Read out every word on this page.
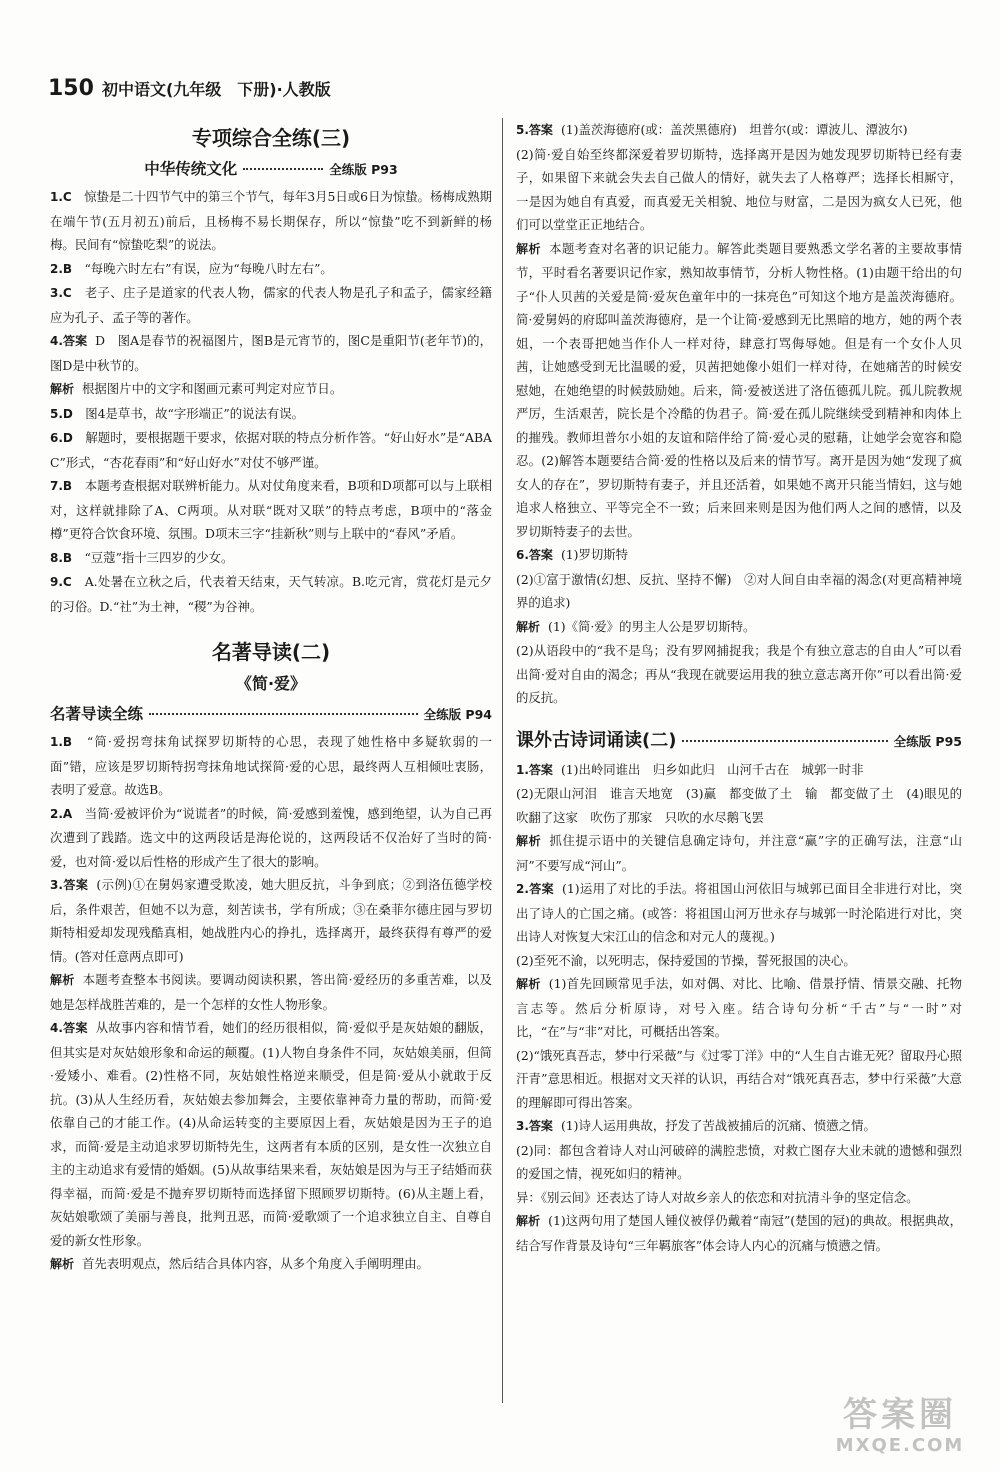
150 初中语文(九年级　下册)·人教版
专项综合全练(三)
中华传统文化	全练版 P93
1.C　 惊蛰是二十四节气中的第三个节气，每年3月5日或6日为惊蛰。杨梅成熟期在端午节(五月初五)前后，且杨梅不易长期保存，所以“惊蛰”吃不到新鲜的杨梅。民间有“惊蛰吃梨”的说法。
2.B　 “每晚六时左右”有误，应为“每晚八时左右”。
3.C　 老子、庄子是道家的代表人物，儒家的代表人物是孔子和孟子，儒家经籍应为孔子、孟子等的著作。
4.答案 D　图A是春节的祝福图片，图B是元宵节的，图C是重阳节(老年节)的，图D是中秋节的。
解析 根据图片中的文字和图画元素可判定对应节日。
5.D　 图4是草书，故“字形端正”的说法有误。
6.D　 解题时，要根据题干要求，依据对联的特点分析作答。“好山好水”是“ABAC”形式，“杏花春雨”和“好山好水”对仗不够严谨。
7.B　 本题考查根据对联辨析能力。从对仗角度来看，B项和D项都可以与上联相对，这样就排除了A、C两项。从对联“既对又联”的特点考虑，B项中的“落金樽”更符合饮食环境、氛围。D项末三字“挂新秋”则与上联中的“春风”矛盾。
8.B　 “豆蔻”指十三四岁的少女。
9.C　 A.处暑在立秋之后，代表着天结束，天气转凉。B.吃元宵，赏花灯是元夕的习俗。D.“社”为土神，“稷”为谷神。
名著导读(二)
《简·爱》
名著导读全练	全练版 P94
1.B　 “简·爱拐弯抹角试探罗切斯特的心思，表现了她性格中多疑软弱的一面”错，应该是罗切斯特拐弯抹角地试探简·爱的心思，最终两人互相倾吐衷肠，表明了爱意。故选B。
2.A　 当简·爱被评价为“说谎者”的时候，简·爱感到羞愧，感到绝望，认为自己再次遭到了践踏。选文中的这两段话是海伦说的，这两段话不仅治好了当时的简·爱，也对简·爱以后性格的形成产生了很大的影响。
3.答案 (示例)①在舅妈家遭受欺凌，她大胆反抗，斗争到底；②到洛伍德学校后，条件艰苦，但她不以为意，刻苦读书，学有所成；③在桑菲尔德庄园与罗切斯特相爱却发现残酷真相，她战胜内心的挣扎，选择离开，最终获得有尊严的爱情。(答对任意两点即可)
解析 本题考查整本书阅读。要调动阅读积累，答出简·爱经历的多重苦难，以及她是怎样战胜苦难的，是一个怎样的女性人物形象。
4.答案 从故事内容和情节看，她们的经历很相似，简·爱似乎是灰姑娘的翻版，但其实是对灰姑娘形象和命运的颠覆。(1)人物自身条件不同，灰姑娘美丽，但简·爱矮小、难看。(2)性格不同，灰姑娘性格逆来顺受，但是简·爱从小就敢于反抗。(3)从人生经历看，灰姑娘去参加舞会，主要依靠神奇力量的帮助，而简·爱依靠自己的才能工作。(4)从命运转变的主要原因上看，灰姑娘是因为王子的追求，而简·爱是主动追求罗切斯特先生，这两者有本质的区别，是女性一次独立自主的主动追求有爱情的婚姻。(5)从故事结果来看，灰姑娘是因为与王子结婚而获得幸福，而简·爱是不抛弃罗切斯特而选择留下照顾罗切斯特。(6)从主题上看，灰姑娘歌颂了美丽与善良，批判丑恶，而简·爱歌颂了一个追求独立自主、自尊自爱的新女性形象。
解析 首先表明观点，然后结合具体内容，从多个角度入手阐明理由。
5.答案 (1)盖茨海德府(或：盖茨黑德府)　坦普尔(或：谭波儿、潭波尔)
(2)简·爱自始至终都深爱着罗切斯特，选择离开是因为她发现罗切斯特已经有妻子，如果留下来就会失去自己做人的情好，就失去了人格尊严；选择长相厮守，一是因为她自有真爱，而真爱无关相貌、地位与财富，二是因为疯女人已死，他们可以堂堂正正地结合。
解析 本题考查对名著的识记能力。解答此类题目要熟悉文学名著的主要故事情节，平时看名著要识记作家，熟知故事情节，分析人物性格。(1)由题干给出的句子“仆人贝茜的关爱是简·爱灰色童年中的一抹亮色”可知这个地方是盖茨海德府。简·爱舅妈的府邸叫盖茨海德府，是一个让简·爱感到无比黑暗的地方，她的两个表姐，一个表哥把她当作仆人一样对待，肆意打骂侮辱她。但是有一个女仆人贝茜，让她感受到无比温暖的爱，贝茜把她像小姐们一样对待，在她痛苦的时候安慰她，在她绝望的时候鼓励她。后来，简·爱被送进了洛伍德孤儿院。孤儿院教规严厉，生活艰苦，院长是个冷酷的伪君子。简·爱在孤儿院继续受到精神和肉体上的摧残。教师坦普尔小姐的友谊和陪伴给了简·爱心灵的慰藉，让她学会宽容和隐忍。(2)解答本题要结合简·爱的性格以及后来的情节写。离开是因为她“发现了疯女人的存在”，罗切斯特有妻子，并且还活着，如果她不离开只能当情妇，这与她追求人格独立、平等完全不一致；后来回来则是因为他们两人之间的感情，以及罗切斯特妻子的去世。
6.答案 (1)罗切斯特
(2)①富于激情(幻想、反抗、坚持不懈)　②对人间自由幸福的渴念(对更高精神境界的追求)
解析 (1)《简·爱》的男主人公是罗切斯特。
(2)从语段中的“我不是鸟；没有罗网捕捉我；我是个有独立意志的自由人”可以看出简·爱对自由的渴念；再从“我现在就要运用我的独立意志离开你”可以看出简·爱的反抗。
课外古诗词诵读(二)	全练版 P95
1.答案 (1)出岭同谁出　归乡如此归　山河千古在　城郭一时非
(2)无限山河泪　谁言天地宽　(3)赢　都变做了土　输　都变做了土　(4)眼见的吹翻了这家　吹伤了那家　只吹的水尽鹅飞罢
解析 抓住提示语中的关键信息确定诗句，并注意“赢”字的正确写法，注意“山河”不要写成“河山”。
2.答案 (1)运用了对比的手法。将祖国山河依旧与城郭已面目全非进行对比，突出了诗人的亡国之痛。(或答：将祖国山河万世永存与城郭一时沦陷进行对比，突出诗人对恢复大宋江山的信念和对元人的蔑视。)
(2)至死不渝，以死明志，保持爱国的节操，誓死报国的决心。
解析 (1)首先回顾常见手法，如对偶、对比、比喻、借景抒情、情景交融、托物言志等。然后分析原诗，对号入座。结合诗句分析“千古”与“一时”对比，“在”与“非”对比，可概括出答案。
(2)“饿死真吾志，梦中行采薇”与《过零丁洋》中的“人生自古谁无死？留取丹心照汗青”意思相近。根据对文天祥的认识，再结合对“饿死真吾志，梦中行采薇”大意的理解即可得出答案。
3.答案 (1)诗人运用典故，抒发了苦战被捕后的沉痛、愤懑之情。
(2)同：都包含着诗人对山河破碎的满腔悲愤，对救亡图存大业未就的遗憾和强烈的爱国之情，视死如归的精神。
异：《别云间》还表达了诗人对故乡亲人的依恋和对抗清斗争的坚定信念。
解析 (1)这两句用了楚国人锺仪被俘仍戴着“南冠”(楚国的冠)的典故。根据典故，结合写作背景及诗句“三年羁旅客”体会诗人内心的沉痛与愤懑之情。
答案圈
MXQE.COM
